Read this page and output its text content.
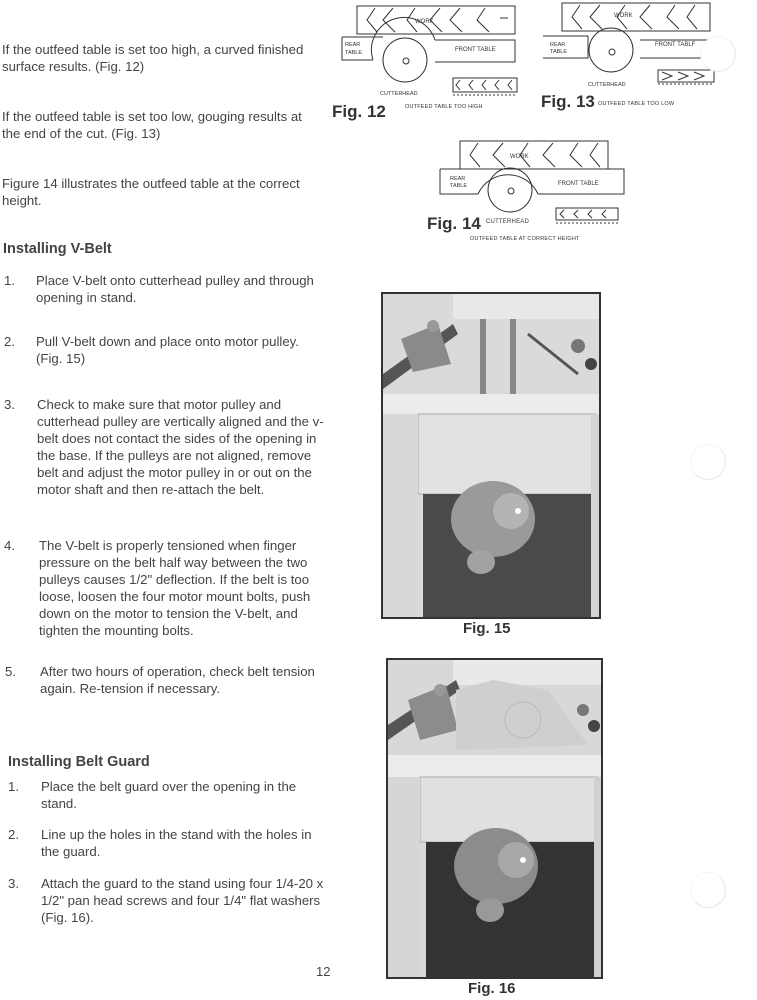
If the outfeed table is set too high, a curved finished surface results. (Fig. 12)
If the outfeed table is set too low, gouging results at the end of the cut. (Fig. 13)
Figure 14 illustrates the outfeed table at the correct height.
Installing V-Belt
1. Place V-belt onto cutterhead pulley and through opening in stand.
2. Pull V-belt down and place onto motor pulley. (Fig. 15)
3. Check to make sure that motor pulley and cutterhead pulley are vertically aligned and the v-belt does not contact the sides of the opening in the base. If the pulleys are not aligned, remove belt and adjust the motor pulley in or out on the motor shaft and then re-attach the belt.
4. The V-belt is properly tensioned when finger pressure on the belt half way between the two pulleys causes 1/2" deflection. If the belt is too loose, loosen the four motor mount bolts, push down on the motor to tension the V-belt, and tighten the mounting bolts.
5. After two hours of operation, check belt tension again. Re-tension if necessary.
Installing Belt Guard
1. Place the belt guard over the opening in the stand.
2. Line up the holes in the stand with the holes in the guard.
3. Attach the guard to the stand using four 1/4-20 x 1/2" pan head screws and four 1/4" flat washers (Fig. 16).
12
WORK
REAR
TABLE	FRONT TABLE
CUTTERHEAD
Fig. 12	OUTFEED TABLE TOO HIGH
WORK
REAR
TABLE
FRONT TABLF
CUTTERHEAD
Fig. 13 OUTFEED TABLE TOO LOW
WORK
REAR
TABLE	FRONT TABLE
Fig. 14 CUTTERHEAD
OUTFEED TABLE AT CORRECT HEIGHT
Fig. 15
Fig. 16
